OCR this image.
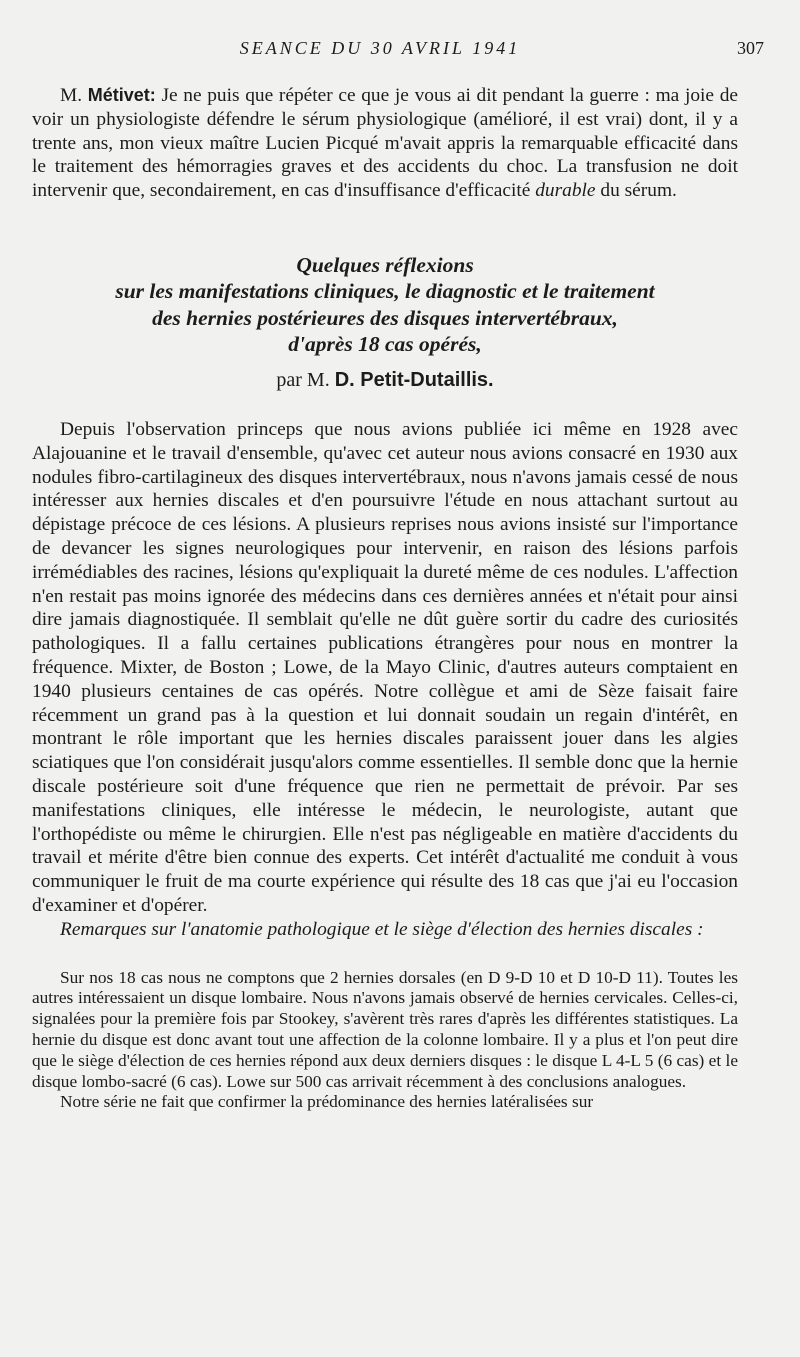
SEANCE DU 30 AVRIL 1941	307

M. Métivet: Je ne puis que répéter ce que je vous ai dit pendant la guerre : ma joie de voir un physiologiste défendre le sérum physiologique (amélioré, il est vrai) dont, il y a trente ans, mon vieux maître Lucien Picqué m'avait appris la remarquable efficacité dans le traitement des hémorragies graves et des accidents du choc. La transfusion ne doit intervenir que, secondairement, en cas d'insuffisance d'efficacité durable du sérum.

Quelques réflexions
sur les manifestations cliniques, le diagnostic et le traitement
des hernies postérieures des disques intervertébraux,
d'après 18 cas opérés,
par M. D. Petit-Dutaillis.

Depuis l'observation princeps que nous avions publiée ici même en 1928 avec Alajouanine et le travail d'ensemble, qu'avec cet auteur nous avions consacré en 1930 aux nodules fibro-cartilagineux des disques intervertébraux, nous n'avons jamais cessé de nous intéresser aux hernies discales et d'en poursuivre l'étude en nous attachant surtout au dépistage précoce de ces lésions. A plusieurs reprises nous avions insisté sur l'importance de devancer les signes neurologiques pour intervenir, en raison des lésions parfois irrémédiables des racines, lésions qu'expliquait la dureté même de ces nodules. L'affection n'en restait pas moins ignorée des médecins dans ces dernières années et n'était pour ainsi dire jamais diagnostiquée. Il semblait qu'elle ne dût guère sortir du cadre des curiosités pathologiques. Il a fallu certaines publications étrangères pour nous en montrer la fréquence. Mixter, de Boston ; Lowe, de la Mayo Clinic, d'autres auteurs comptaient en 1940 plusieurs centaines de cas opérés. Notre collègue et ami de Sèze faisait faire récemment un grand pas à la question et lui donnait soudain un regain d'intérêt, en montrant le rôle important que les hernies discales paraissent jouer dans les algies sciatiques que l'on considérait jusqu'alors comme essentielles. Il semble donc que la hernie discale postérieure soit d'une fréquence que rien ne permettait de prévoir. Par ses manifestations cliniques, elle intéresse le médecin, le neurologiste, autant que l'orthopédiste ou même le chirurgien. Elle n'est pas négligeable en matière d'accidents du travail et mérite d'être bien connue des experts. Cet intérêt d'actualité me conduit à vous communiquer le fruit de ma courte expérience qui résulte des 18 cas que j'ai eu l'occasion d'examiner et d'opérer.

Remarques sur l'anatomie pathologique et le siège d'élection des hernies discales :

Sur nos 18 cas nous ne comptons que 2 hernies dorsales (en D 9-D 10 et D 10-D 11). Toutes les autres intéressaient un disque lombaire. Nous n'avons jamais observé de hernies cervicales. Celles-ci, signalées pour la première fois par Stookey, s'avèrent très rares d'après les différentes statistiques. La hernie du disque est donc avant tout une affection de la colonne lombaire. Il y a plus et l'on peut dire que le siège d'élection de ces hernies répond aux deux derniers disques : le disque L 4-L 5 (6 cas) et le disque lombo-sacré (6 cas). Lowe sur 500 cas arrivait récemment à des conclusions analogues.

Notre série ne fait que confirmer la prédominance des hernies latéralisées sur
